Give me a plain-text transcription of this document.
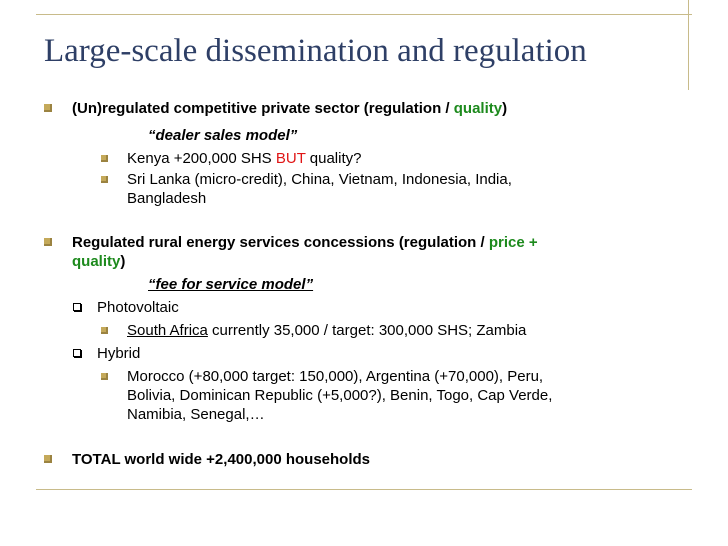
Large-scale dissemination and regulation
(Un)regulated competitive private sector (regulation / quality)
“dealer sales model”
Kenya +200,000 SHS BUT quality?
Sri Lanka (micro-credit), China, Vietnam, Indonesia, India,
Bangladesh
Regulated rural energy services concessions (regulation / price +
quality)
“fee for service model”
Photovoltaic
South Africa currently 35,000 / target: 300,000 SHS; Zambia
Hybrid
Morocco (+80,000 target: 150,000), Argentina (+70,000), Peru,
Bolivia, Dominican Republic (+5,000?), Benin, Togo, Cap Verde,
Namibia, Senegal,…
TOTAL world wide +2,400,000 households
